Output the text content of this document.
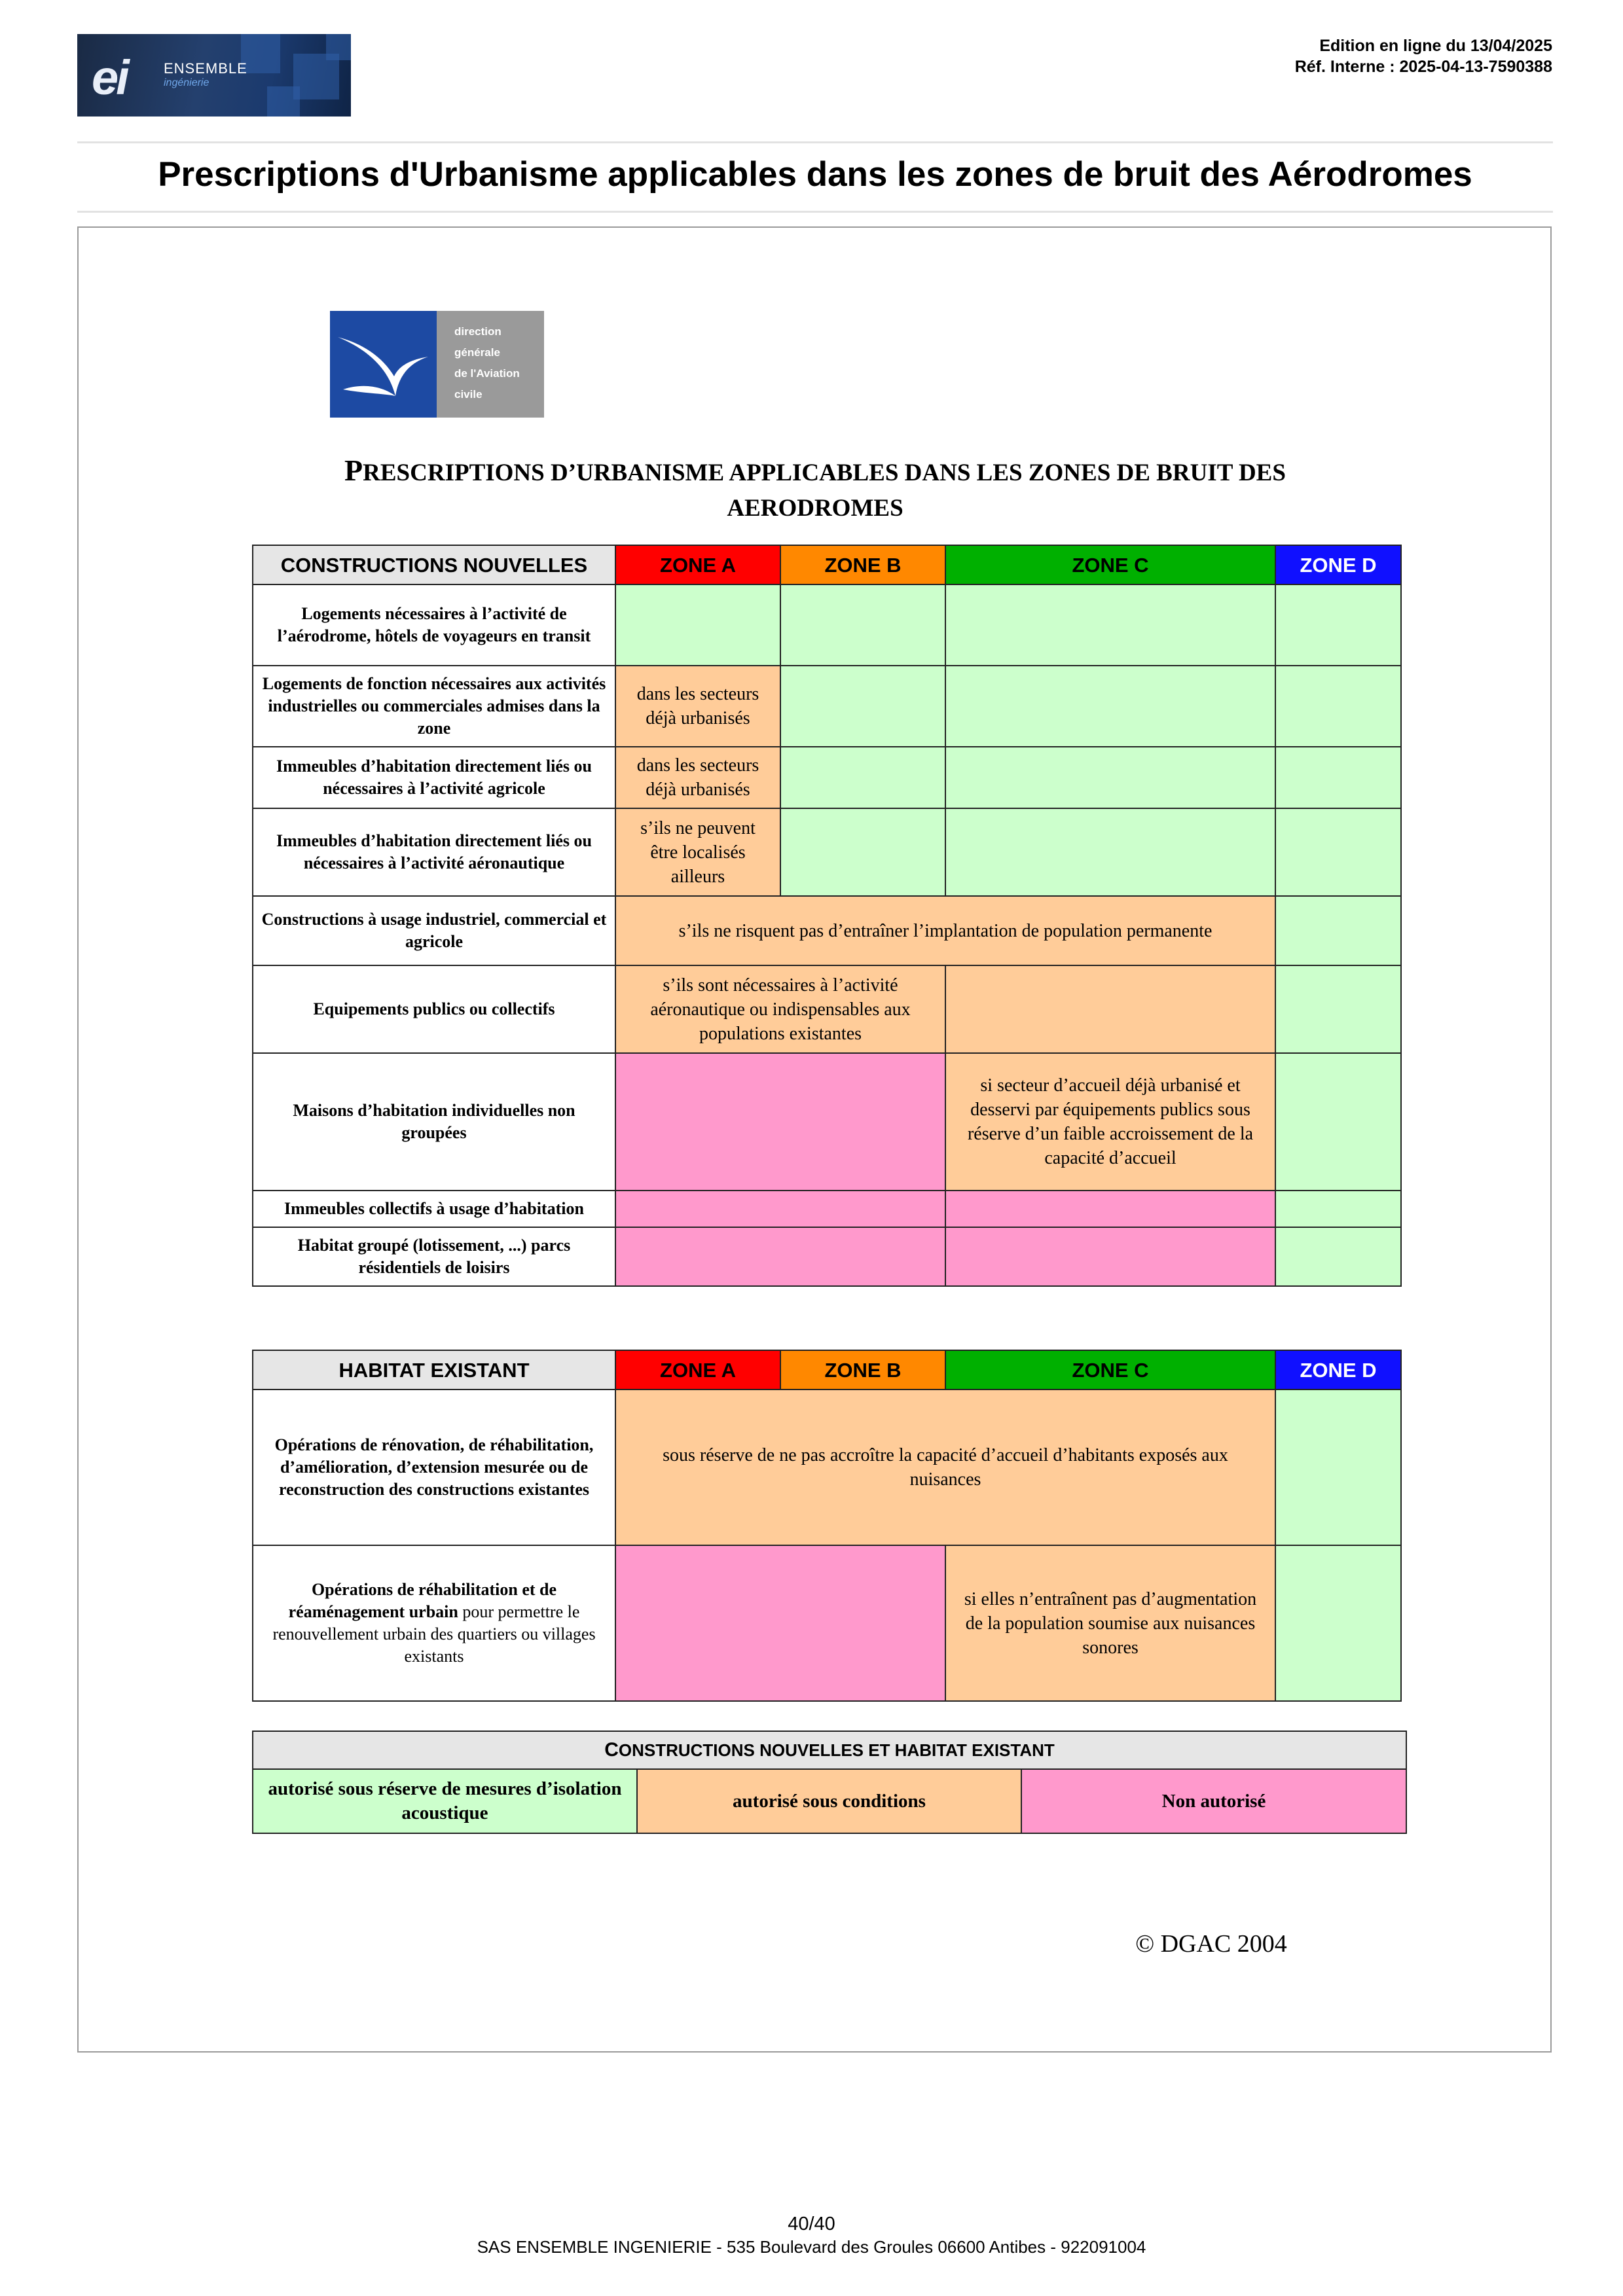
ei	ENSEMBLE
ingénierie
Edition en ligne du 13/04/2025
Réf. Interne : 2025-04-13-7590388
Prescriptions d'Urbanisme applicables dans les zones de bruit des Aérodromes
direction
générale
de l'Aviation
civile
PRESCRIPTIONS D’URBANISME APPLICABLES DANS LES ZONES DE BRUIT DES
AERODROMES
CONSTRUCTIONS NOUVELLES	ZONE A	ZONE B	ZONE C	ZONE D
Logements nécessaires à l’activité de l’aérodrome, hôtels de voyageurs en transit				
Logements de fonction nécessaires aux activités industrielles ou commerciales admises dans la zone	dans les secteurs déjà urbanisés			
Immeubles d’habitation directement liés ou nécessaires à l’activité agricole	dans les secteurs déjà urbanisés			
Immeubles d’habitation directement liés ou nécessaires à l’activité aéronautique	s’ils ne peuvent être localisés ailleurs			
Constructions à usage industriel, commercial et agricole	s’ils ne risquent pas d’entraîner l’implantation de population permanente			
Equipements publics ou collectifs	s’ils sont nécessaires à l’activité aéronautique ou indispensables aux populations existantes			
Maisons d’habitation individuelles non groupées			si secteur d’accueil déjà urbanisé et desservi par équipements publics sous réserve d’un faible accroissement de la capacité d’accueil	
Immeubles collectifs à usage d’habitation				
Habitat groupé (lotissement, ...) parcs résidentiels de loisirs				
HABITAT EXISTANT	ZONE A	ZONE B	ZONE C	ZONE D
Opérations de rénovation, de réhabilitation, d’amélioration, d’extension mesurée ou de reconstruction des constructions existantes	sous réserve de ne pas accroître la capacité d’accueil d’habitants exposés aux nuisances			
Opérations de réhabilitation et de réaménagement urbain pour permettre le renouvellement urbain des quartiers ou villages existants			si elles n’entraînent pas d’augmentation de la population soumise aux nuisances sonores	
CONSTRUCTIONS NOUVELLES ET HABITAT EXISTANT
autorisé sous réserve de mesures d’isolation acoustique	autorisé sous conditions	Non autorisé
© DGAC 2004
40/40
SAS ENSEMBLE INGENIERIE - 535 Boulevard des Groules 06600 Antibes - 922091004
